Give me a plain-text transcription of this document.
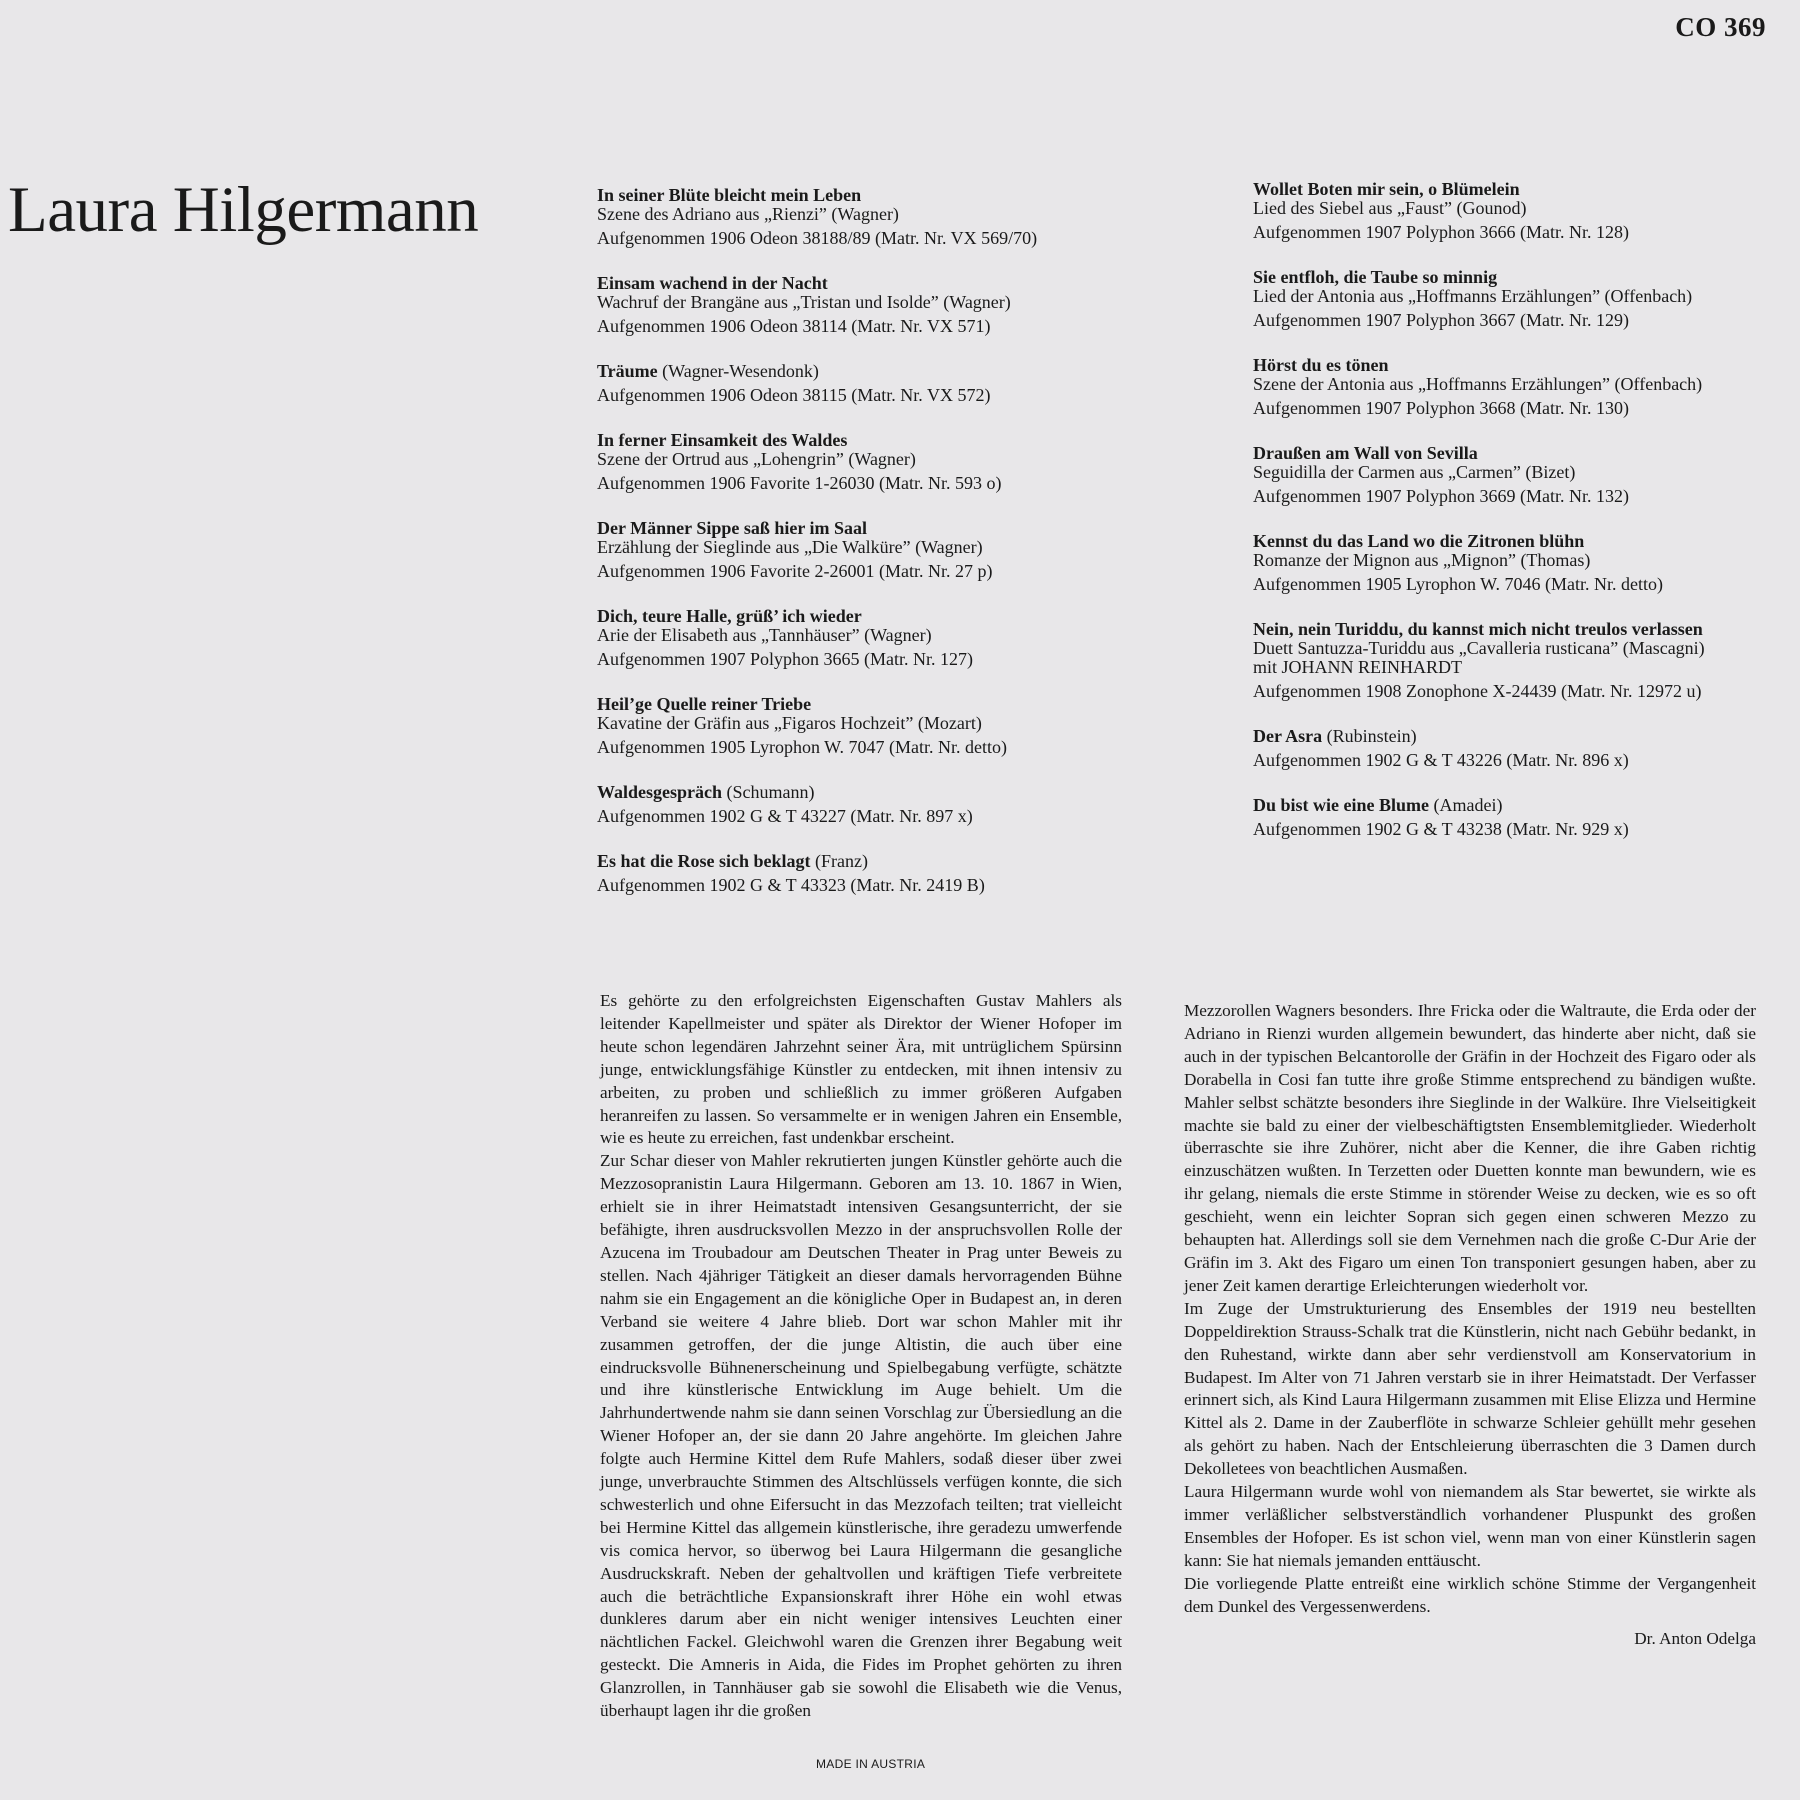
CO 369
Laura Hilgermann	In seiner Blüte bleicht mein Leben
Szene des Adriano aus „Rienzi” (Wagner)
Aufgenommen 1906 Odeon 38188/89 (Matr. Nr. VX 569/70)
Einsam wachend in der Nacht
Wachruf der Brangäne aus „Tristan und Isolde” (Wagner)
Aufgenommen 1906 Odeon 38114 (Matr. Nr. VX 571)
Träume (Wagner-Wesendonk)
Aufgenommen 1906 Odeon 38115 (Matr. Nr. VX 572)
In ferner Einsamkeit des Waldes
Szene der Ortrud aus „Lohengrin” (Wagner)
Aufgenommen 1906 Favorite 1-26030 (Matr. Nr. 593 o)
Der Männer Sippe saß hier im Saal
Erzählung der Sieglinde aus „Die Walküre” (Wagner)
Aufgenommen 1906 Favorite 2-26001 (Matr. Nr. 27 p)
Dich, teure Halle, grüß’ ich wieder
Arie der Elisabeth aus „Tannhäuser” (Wagner)
Aufgenommen 1907 Polyphon 3665 (Matr. Nr. 127)
Heil’ge Quelle reiner Triebe
Kavatine der Gräfin aus „Figaros Hochzeit” (Mozart)
Aufgenommen 1905 Lyrophon W. 7047 (Matr. Nr. detto)
Waldesgespräch (Schumann)
Aufgenommen 1902 G & T 43227 (Matr. Nr. 897 x)
Es hat die Rose sich beklagt (Franz)
Aufgenommen 1902 G & T 43323 (Matr. Nr. 2419 B)
Wollet Boten mir sein, o Blümelein
Lied des Siebel aus „Faust” (Gounod)
Aufgenommen 1907 Polyphon 3666 (Matr. Nr. 128)
Sie entfloh, die Taube so minnig
Lied der Antonia aus „Hoffmanns Erzählungen” (Offenbach)
Aufgenommen 1907 Polyphon 3667 (Matr. Nr. 129)
Hörst du es tönen
Szene der Antonia aus „Hoffmanns Erzählungen” (Offenbach)
Aufgenommen 1907 Polyphon 3668 (Matr. Nr. 130)
Draußen am Wall von Sevilla
Seguidilla der Carmen aus „Carmen” (Bizet)
Aufgenommen 1907 Polyphon 3669 (Matr. Nr. 132)
Kennst du das Land wo die Zitronen blühn
Romanze der Mignon aus „Mignon” (Thomas)
Aufgenommen 1905 Lyrophon W. 7046 (Matr. Nr. detto)
Nein, nein Turiddu, du kannst mich nicht treulos verlassen
Duett Santuzza-Turiddu aus „Cavalleria rusticana” (Mascagni)
mit JOHANN REINHARDT
Aufgenommen 1908 Zonophone X-24439 (Matr. Nr. 12972 u)
Der Asra (Rubinstein)
Aufgenommen 1902 G & T 43226 (Matr. Nr. 896 x)
Du bist wie eine Blume (Amadei)
Aufgenommen 1902 G & T 43238 (Matr. Nr. 929 x)

Es gehörte zu den erfolgreichsten Eigenschaften Gustav Mahlers als leitender Kapellmeister und später als Direktor der Wiener Hofoper im heute schon legendären Jahrzehnt seiner Ära, mit untrüglichem Spürsinn junge, entwicklungsfähige Künstler zu entdecken, mit ihnen intensiv zu arbeiten, zu proben und schließlich zu immer größeren Aufgaben heranreifen zu lassen. So versammelte er in wenigen Jahren ein Ensemble, wie es heute zu erreichen, fast undenkbar erscheint.

Zur Schar dieser von Mahler rekrutierten jungen Künstler gehörte auch die Mezzosopranistin Laura Hilgermann. Geboren am 13. 10. 1867 in Wien, erhielt sie in ihrer Heimatstadt intensiven Gesangsunterricht, der sie befähigte, ihren ausdrucksvollen Mezzo in der anspruchsvollen Rolle der Azucena im Troubadour am Deutschen Theater in Prag unter Beweis zu stellen. Nach 4jähriger Tätigkeit an dieser damals hervorragenden Bühne nahm sie ein Engagement an die königliche Oper in Budapest an, in deren Verband sie weitere 4 Jahre blieb. Dort war schon Mahler mit ihr zusammen getroffen, der die junge Altistin, die auch über eine eindrucksvolle Bühnenerscheinung und Spielbegabung verfügte, schätzte und ihre künstlerische Entwicklung im Auge behielt. Um die Jahrhundertwende nahm sie dann seinen Vorschlag zur Übersiedlung an die Wiener Hofoper an, der sie dann 20 Jahre angehörte. Im gleichen Jahre folgte auch Hermine Kittel dem Rufe Mahlers, sodaß dieser über zwei junge, unverbrauchte Stimmen des Altschlüssels verfügen konnte, die sich schwesterlich und ohne Eifersucht in das Mezzofach teilten; trat vielleicht bei Hermine Kittel das allgemein künstlerische, ihre geradezu umwerfende vis comica hervor, so überwog bei Laura Hilgermann die gesangliche Ausdruckskraft. Neben der gehaltvollen und kräftigen Tiefe verbreitete auch die beträchtliche Expansionskraft ihrer Höhe ein wohl etwas dunkleres darum aber ein nicht weniger intensives Leuchten einer nächtlichen Fackel. Gleichwohl waren die Grenzen ihrer Begabung weit gesteckt. Die Amneris in Aida, die Fides im Prophet gehörten zu ihren Glanzrollen, in Tannhäuser gab sie sowohl die Elisabeth wie die Venus, überhaupt lagen ihr die großen

Mezzorollen Wagners besonders. Ihre Fricka oder die Waltraute, die Erda oder der Adriano in Rienzi wurden allgemein bewundert, das hinderte aber nicht, daß sie auch in der typischen Belcantorolle der Gräfin in der Hochzeit des Figaro oder als Dorabella in Cosi fan tutte ihre große Stimme entsprechend zu bändigen wußte. Mahler selbst schätzte besonders ihre Sieglinde in der Walküre. Ihre Vielseitigkeit machte sie bald zu einer der vielbeschäftigtsten Ensemblemitglieder. Wiederholt überraschte sie ihre Zuhörer, nicht aber die Kenner, die ihre Gaben richtig einzuschätzen wußten. In Terzetten oder Duetten konnte man bewundern, wie es ihr gelang, niemals die erste Stimme in störender Weise zu decken, wie es so oft geschieht, wenn ein leichter Sopran sich gegen einen schweren Mezzo zu behaupten hat. Allerdings soll sie dem Vernehmen nach die große C-Dur Arie der Gräfin im 3. Akt des Figaro um einen Ton transponiert gesungen haben, aber zu jener Zeit kamen derartige Erleichterungen wiederholt vor.

Im Zuge der Umstrukturierung des Ensembles der 1919 neu bestellten Doppeldirektion Strauss-Schalk trat die Künstlerin, nicht nach Gebühr bedankt, in den Ruhestand, wirkte dann aber sehr verdienstvoll am Konservatorium in Budapest. Im Alter von 71 Jahren verstarb sie in ihrer Heimatstadt. Der Verfasser erinnert sich, als Kind Laura Hilgermann zusammen mit Elise Elizza und Hermine Kittel als 2. Dame in der Zauberflöte in schwarze Schleier gehüllt mehr gesehen als gehört zu haben. Nach der Entschleierung überraschten die 3 Damen durch Dekolletees von beachtlichen Ausmaßen.

Laura Hilgermann wurde wohl von niemandem als Star bewertet, sie wirkte als immer verläßlicher selbstverständlich vorhandener Pluspunkt des großen Ensembles der Hofoper. Es ist schon viel, wenn man von einer Künstlerin sagen kann: Sie hat niemals jemanden enttäuscht.

Die vorliegende Platte entreißt eine wirklich schöne Stimme der Vergangenheit dem Dunkel des Vergessenwerdens.

Dr. Anton Odelga

MADE IN AUSTRIA
